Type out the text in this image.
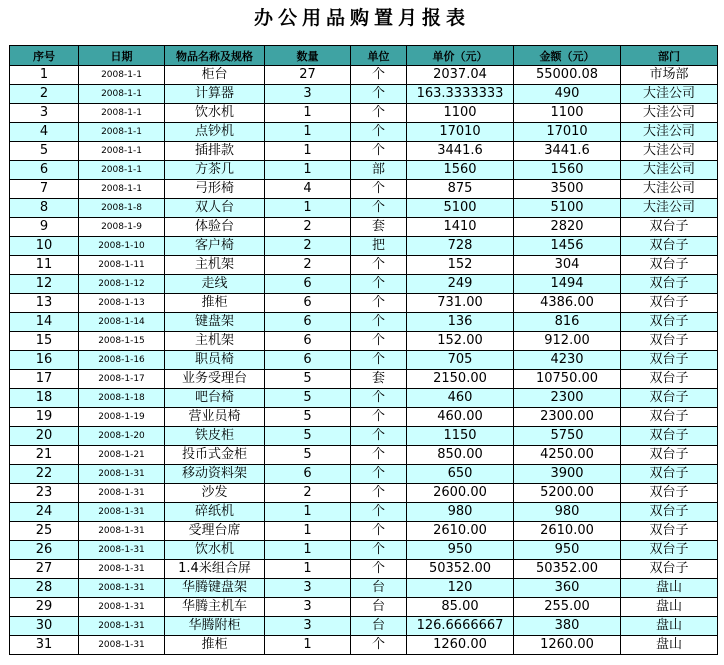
办公用品购置月报表
序号	日期	物品名称及规格	数量	单位	单价（元）	金额（元）	部门
1	2008-1-1	柜台	27	个	2037.04	55000.08	市场部
2	2008-1-1	计算器	3	个	163.3333333	490	大洼公司
3	2008-1-1	饮水机	1	个	1100	1100	大洼公司
4	2008-1-1	点钞机	1	个	17010	17010	大洼公司
5	2008-1-1	插排款	1	个	3441.6	3441.6	大洼公司
6	2008-1-1	方茶几	1	部	1560	1560	大洼公司
7	2008-1-1	弓形椅	4	个	875	3500	大洼公司
8	2008-1-8	双人台	1	个	5100	5100	大洼公司
9	2008-1-9	体验台	2	套	1410	2820	双台子
10	2008-1-10	客户椅	2	把	728	1456	双台子
11	2008-1-11	主机架	2	个	152	304	双台子
12	2008-1-12	走线	6	个	249	1494	双台子
13	2008-1-13	推柜	6	个	731.00	4386.00	双台子
14	2008-1-14	键盘架	6	个	136	816	双台子
15	2008-1-15	主机架	6	个	152.00	912.00	双台子
16	2008-1-16	职员椅	6	个	705	4230	双台子
17	2008-1-17	业务受理台	5	套	2150.00	10750.00	双台子
18	2008-1-18	吧台椅	5	个	460	2300	双台子
19	2008-1-19	营业员椅	5	个	460.00	2300.00	双台子
20	2008-1-20	铁皮柜	5	个	1150	5750	双台子
21	2008-1-21	投币式金柜	5	个	850.00	4250.00	双台子
22	2008-1-31	移动资料架	6	个	650	3900	双台子
23	2008-1-31	沙发	2	个	2600.00	5200.00	双台子
24	2008-1-31	碎纸机	1	个	980	980	双台子
25	2008-1-31	受理台席	1	个	2610.00	2610.00	双台子
26	2008-1-31	饮水机	1	个	950	950	双台子
27	2008-1-31	1.4米组合屏	1	个	50352.00	50352.00	双台子
28	2008-1-31	华腾键盘架	3	台	120	360	盘山
29	2008-1-31	华腾主机车	3	台	85.00	255.00	盘山
30	2008-1-31	华腾附柜	3	台	126.6666667	380	盘山
31	2008-1-31	推柜	1	个	1260.00	1260.00	盘山
